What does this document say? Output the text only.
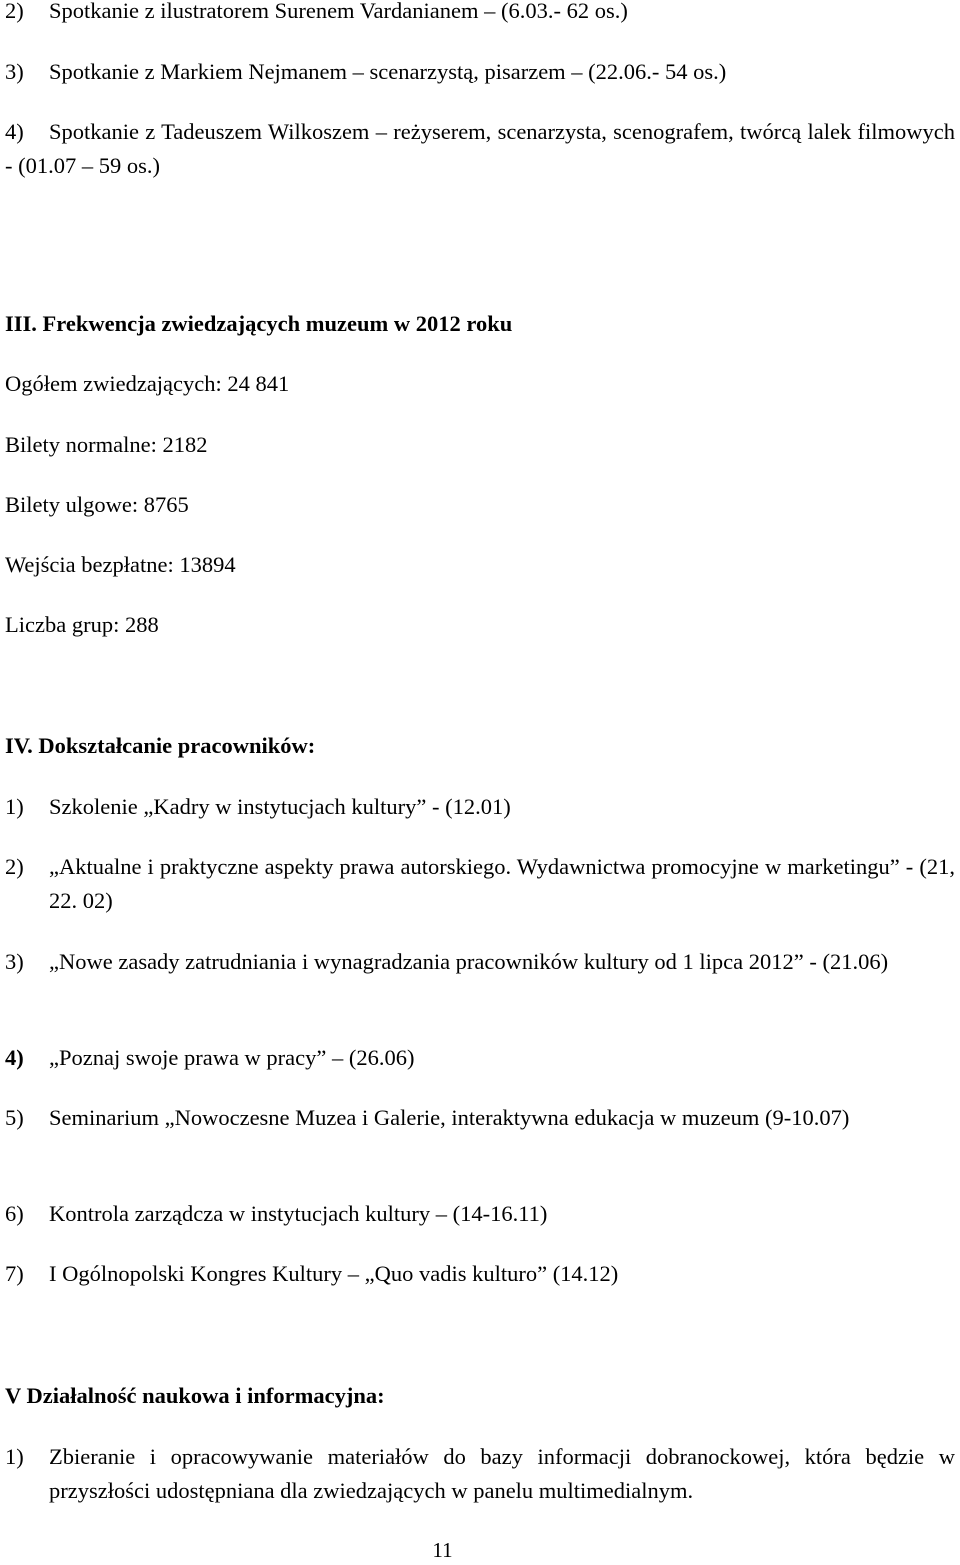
2)	Spotkanie z ilustratorem Surenem Vardanianem – (6.03.- 62 os.)
3)	Spotkanie z Markiem Nejmanem – scenarzystą, pisarzem – (22.06.- 54 os.)
4)	Spotkanie z Tadeuszem Wilkoszem – reżyserem, scenarzysta, scenografem, twórcą lalek filmowych - (01.07 – 59 os.)
III. Frekwencja zwiedzających muzeum w 2012 roku
Ogółem zwiedzających: 24 841
Bilety normalne: 2182
Bilety ulgowe: 8765
Wejścia bezpłatne: 13894
Liczba grup: 288
IV. Dokształcanie pracowników:
1)	Szkolenie „Kadry w instytucjach kultury” - (12.01)
2)	„Aktualne i praktyczne aspekty prawa autorskiego. Wydawnictwa promocyjne w marketingu” - (21, 22. 02)
3)	„Nowe zasady zatrudniania i wynagradzania pracowników kultury od 1 lipca 2012” - (21.06)
4)	„Poznaj swoje prawa w pracy” – (26.06)
5)	Seminarium „Nowoczesne Muzea i Galerie, interaktywna edukacja w muzeum (9-10.07)
6)	Kontrola zarządcza w instytucjach kultury – (14-16.11)
7)	I Ogólnopolski Kongres Kultury – „Quo vadis kulturo” (14.12)
V Działalność naukowa i informacyjna:
1)	Zbieranie i opracowywanie materiałów do bazy informacji dobranockowej, która będzie w przyszłości udostępniana dla zwiedzających w panelu multimedialnym.
11
